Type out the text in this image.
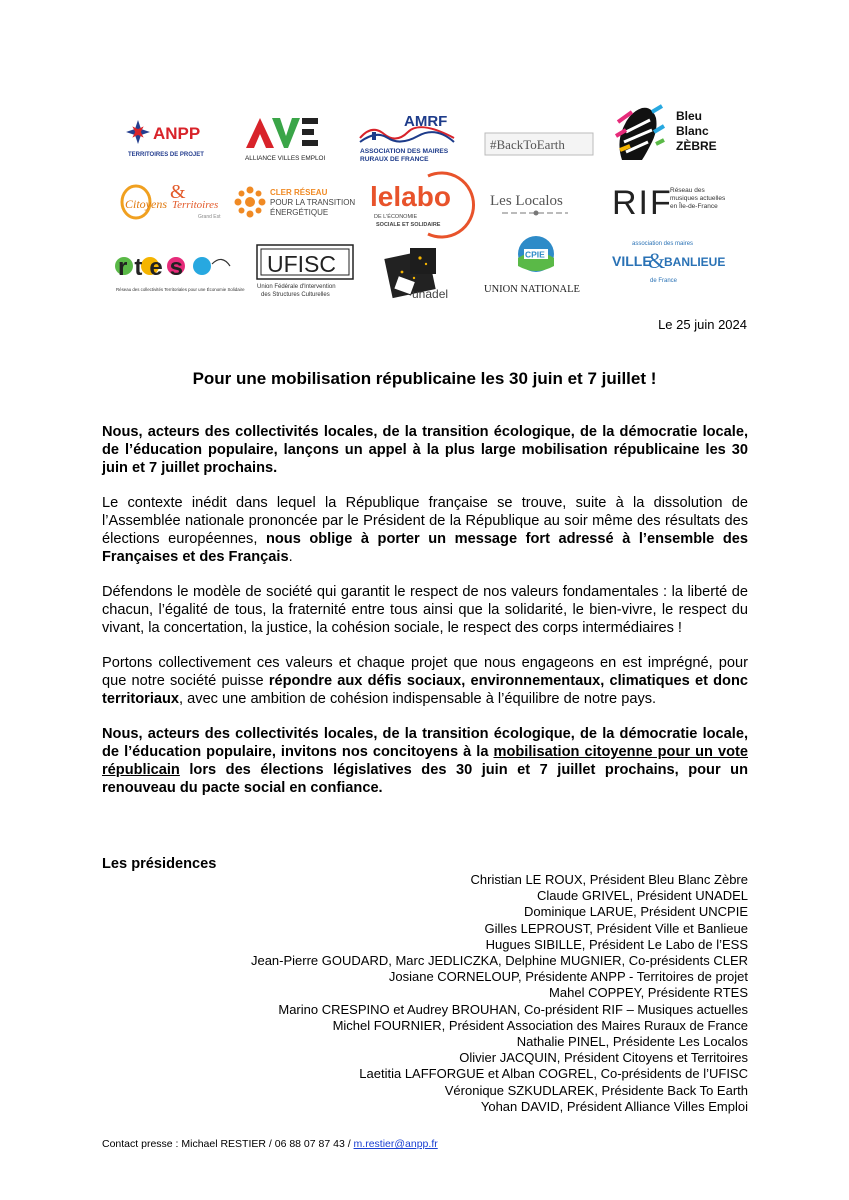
ANPP
TERRITOIRES DE PROJET	ALLIANCE VILLES EMPLOI
AMRF
ASSOCIATION DES MAIRES
RURAUX DE FRANCE
#BackToEarth
Bleu
Blanc
ZÈBRE
Citoyens
&
Territoires
Grand Est
CLER RÉSEAU
POUR LA TRANSITION
ÉNERGÉTIQUE
lelabo
DE L'ÉCONOMIE
SOCIALE ET SOLIDAIRE
Les Localos RIF
Réseau des
musiques actuelles
en Île-de-France
rtes
Réseau des collectivités Territoriales pour une Économie Solidaire
UFISC
Union Fédérale d'Intervention
des Structures Culturelles	unadel
CPIE
UNION NATIONALE
association des maires
VILLE
&
BANLIEUE
de France
Le 25 juin 2024
Pour une mobilisation républicaine les 30 juin et 7 juillet !

Nous, acteurs des collectivités locales, de la transition écologique, de la démocratie locale, de l’éducation populaire, lançons un appel à la plus large mobilisation républicaine les 30 juin et 7 juillet prochains.

Le contexte inédit dans lequel la République française se trouve, suite à la dissolution de l’Assemblée nationale prononcée par le Président de la République au soir même des résultats des élections européennes, nous oblige à porter un message fort adressé à l’ensemble des Françaises et des Français.

Défendons le modèle de société qui garantit le respect de nos valeurs fondamentales : la liberté de chacun, l’égalité de tous, la fraternité entre tous ainsi que la solidarité, le bien-vivre, le respect du vivant, la concertation, la justice, la cohésion sociale, le respect des corps intermédiaires !

Portons collectivement ces valeurs et chaque projet que nous engageons en est imprégné, pour que notre société puisse répondre aux défis sociaux, environnementaux, climatiques et donc territoriaux, avec une ambition de cohésion indispensable à l’équilibre de notre pays.

Nous, acteurs des collectivités locales, de la transition écologique, de la démocratie locale, de l’éducation populaire, invitons nos concitoyens à la mobilisation citoyenne pour un vote républicain lors des élections législatives des 30 juin et 7 juillet prochains, pour un renouveau du pacte social en confiance.

Les présidences
Christian LE ROUX, Président Bleu Blanc Zèbre
Claude GRIVEL, Président UNADEL
Dominique LARUE, Président UNCPIE
Gilles LEPROUST, Président Ville et Banlieue
Hugues SIBILLE, Président Le Labo de l’ESS
Jean-Pierre GOUDARD, Marc JEDLICZKA, Delphine MUGNIER, Co-présidents CLER
Josiane CORNELOUP, Présidente ANPP - Territoires de projet
Mahel COPPEY, Présidente RTES
Marino CRESPINO et Audrey BROUHAN, Co-président RIF – Musiques actuelles
Michel FOURNIER, Président Association des Maires Ruraux de France
Nathalie PINEL, Présidente Les Localos
Olivier JACQUIN, Président Citoyens et Territoires
Laetitia LAFFORGUE et Alban COGREL, Co-présidents de l’UFISC
Véronique SZKUDLAREK, Présidente Back To Earth
Yohan DAVID, Président Alliance Villes Emploi
Contact presse : Michael RESTIER / 06 88 07 87 43 / m.restier@anpp.fr
